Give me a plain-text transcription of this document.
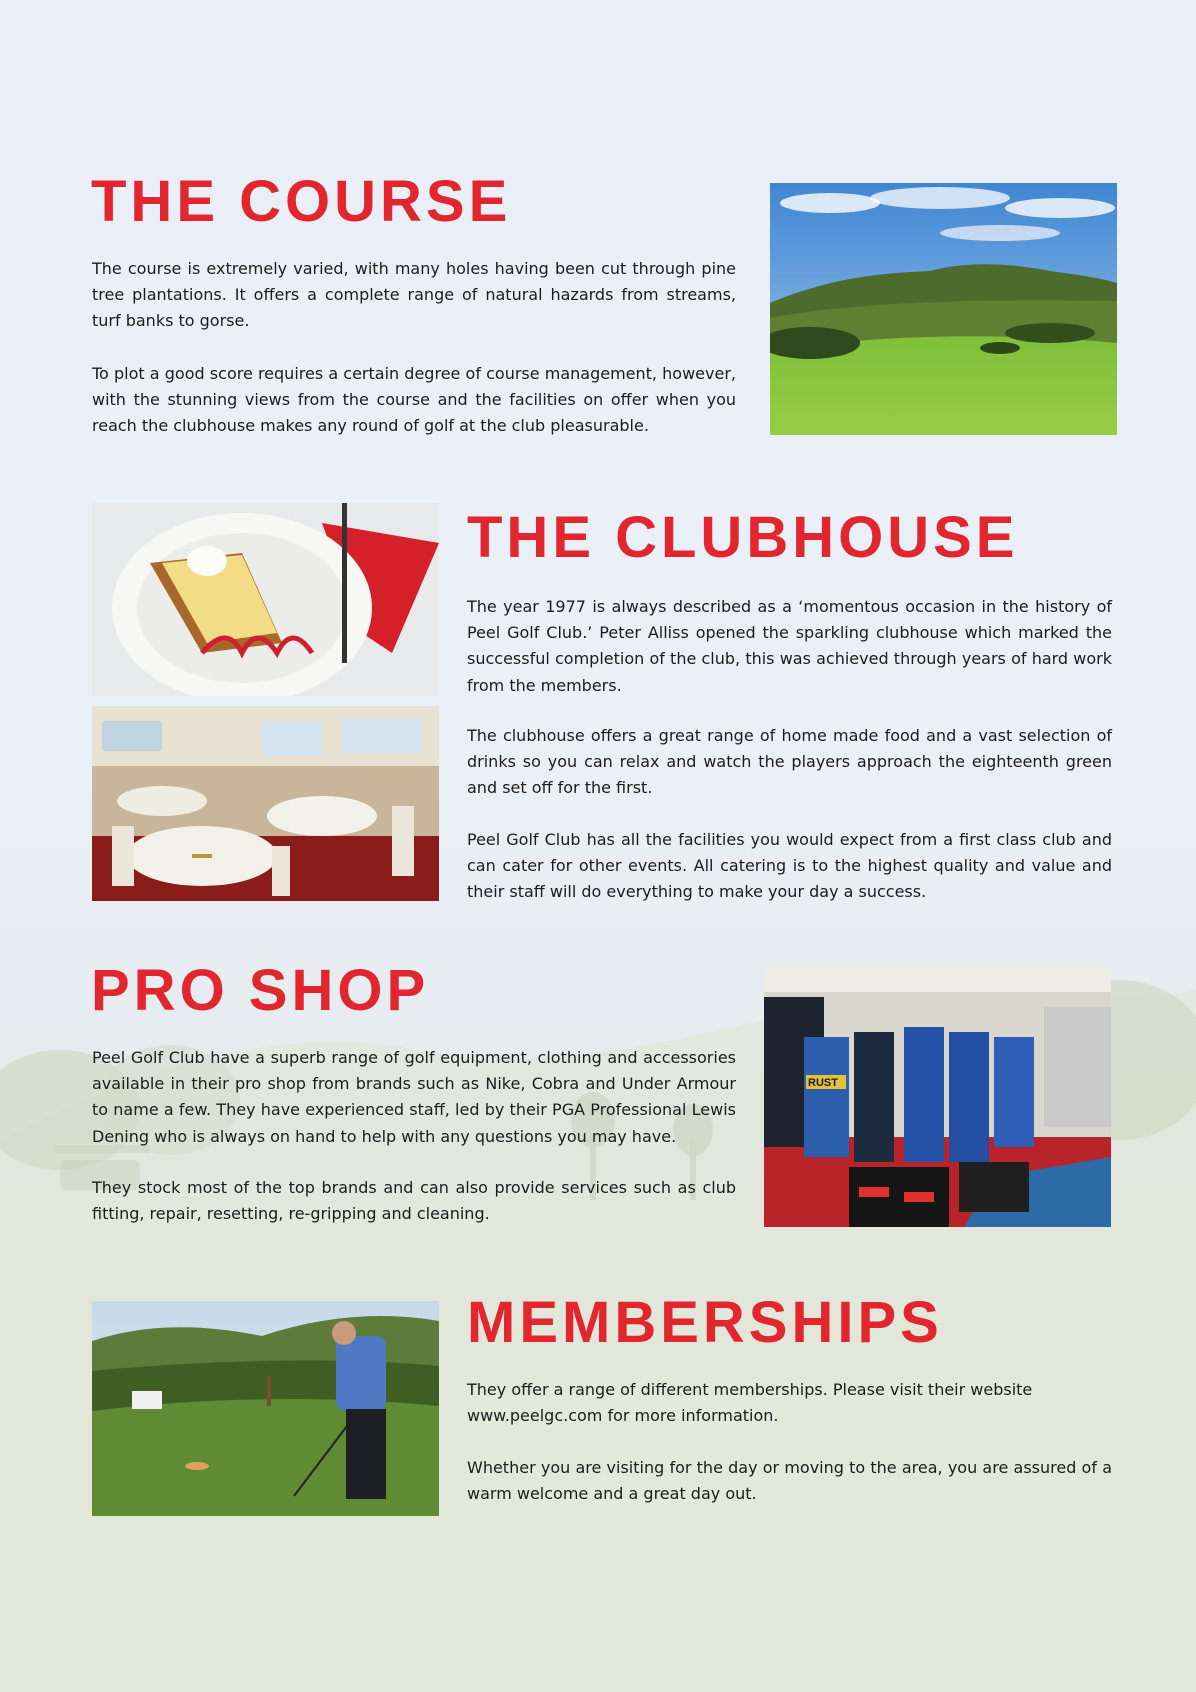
THE COURSE

The course is extremely varied, with many holes having been cut through pine tree plantations. It offers a complete range of natural hazards from streams, turf banks to gorse.

To plot a good score requires a certain degree of course management, however, with the stunning views from the course and the facilities on offer when you reach the clubhouse makes any round of golf at the club pleasurable.

THE CLUBHOUSE

The year 1977 is always described as a ‘momentous occasion in the history of Peel Golf Club.’ Peter Alliss opened the sparkling clubhouse which marked the successful completion of the club, this was achieved through years of hard work from the members.

The clubhouse offers a great range of home made food and a vast selection of drinks so you can relax and watch the players approach the eighteenth green and set off for the first.

Peel Golf Club has all the facilities you would expect from a first class club and can cater for other events. All catering is to the highest quality and value and their staff will do everything to make your day a success.

PRO SHOP

Peel Golf Club have a superb range of golf equipment, clothing and accessories available in their pro shop from brands such as Nike, Cobra and Under Armour to name a few. They have experienced staff, led by their PGA Professional Lewis Dening who is always on hand to help with any questions you may have.

They stock most of the top brands and can also provide services such as club fitting, repair, resetting, re-gripping and cleaning.

RUST
MEMBERSHIPS

They offer a range of different memberships. Please visit their website www.peelgc.com for more information.

Whether you are visiting for the day or moving to the area, you are assured of a warm welcome and a great day out.
